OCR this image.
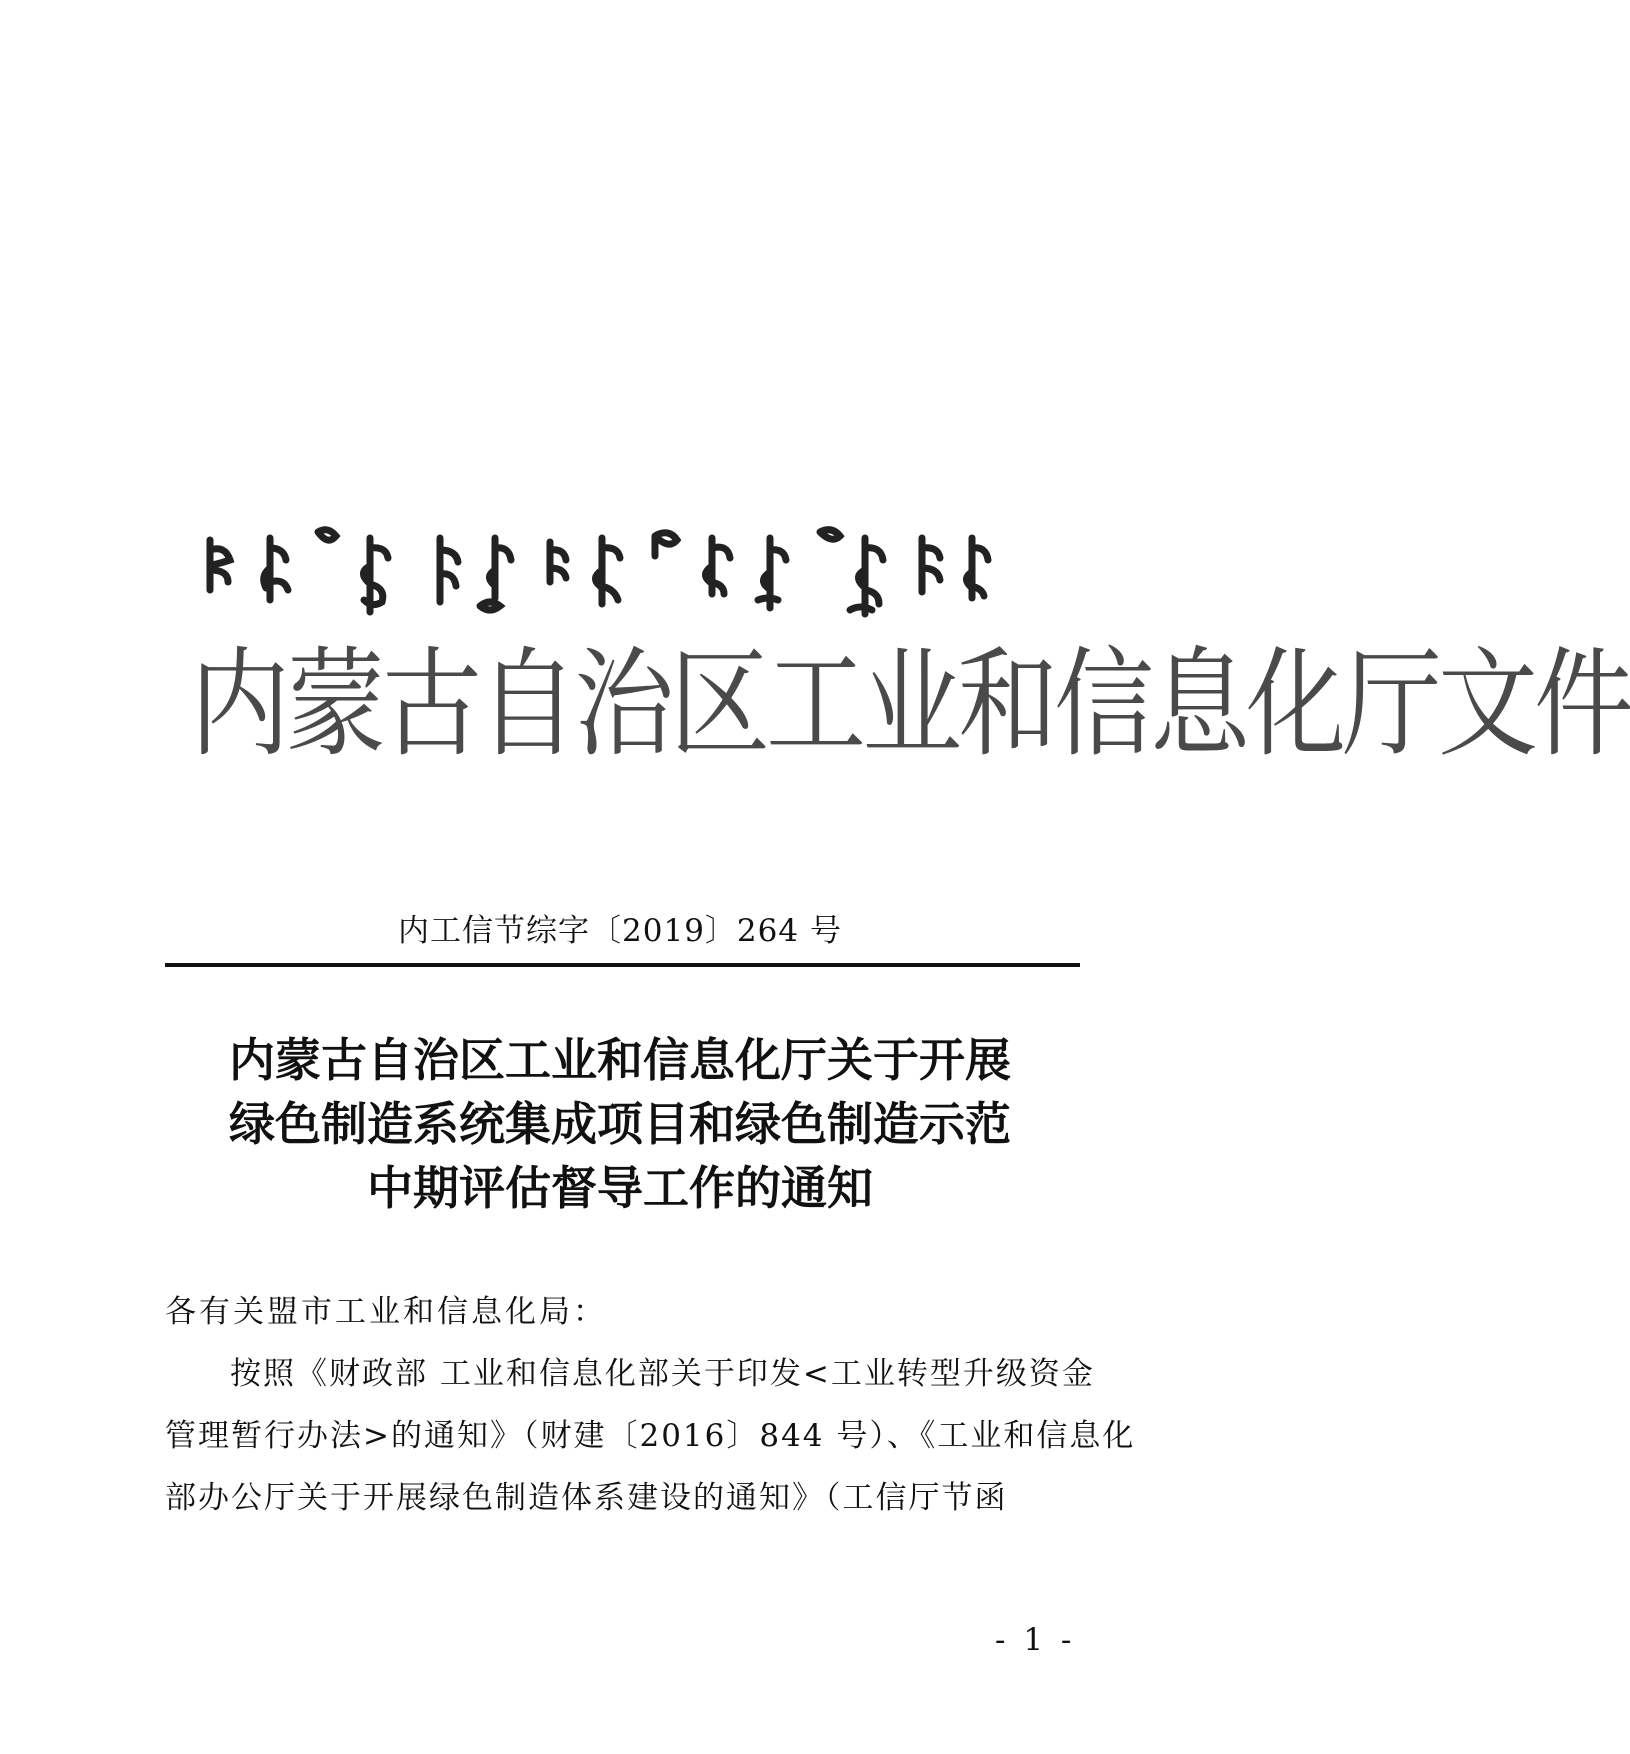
内蒙古自治区工业和信息化厅文件
内工信节综字〔2019〕264 号
内蒙古自治区工业和信息化厅关于开展
绿色制造系统集成项目和绿色制造示范
中期评估督导工作的通知
各有关盟市工业和信息化局：
按照《财政部 工业和信息化部关于印发<工业转型升级资金
管理暂行办法>的通知》（财建〔2016〕844 号）、《工业和信息化
部办公厅关于开展绿色制造体系建设的通知》（工信厅节函
- 1 -
